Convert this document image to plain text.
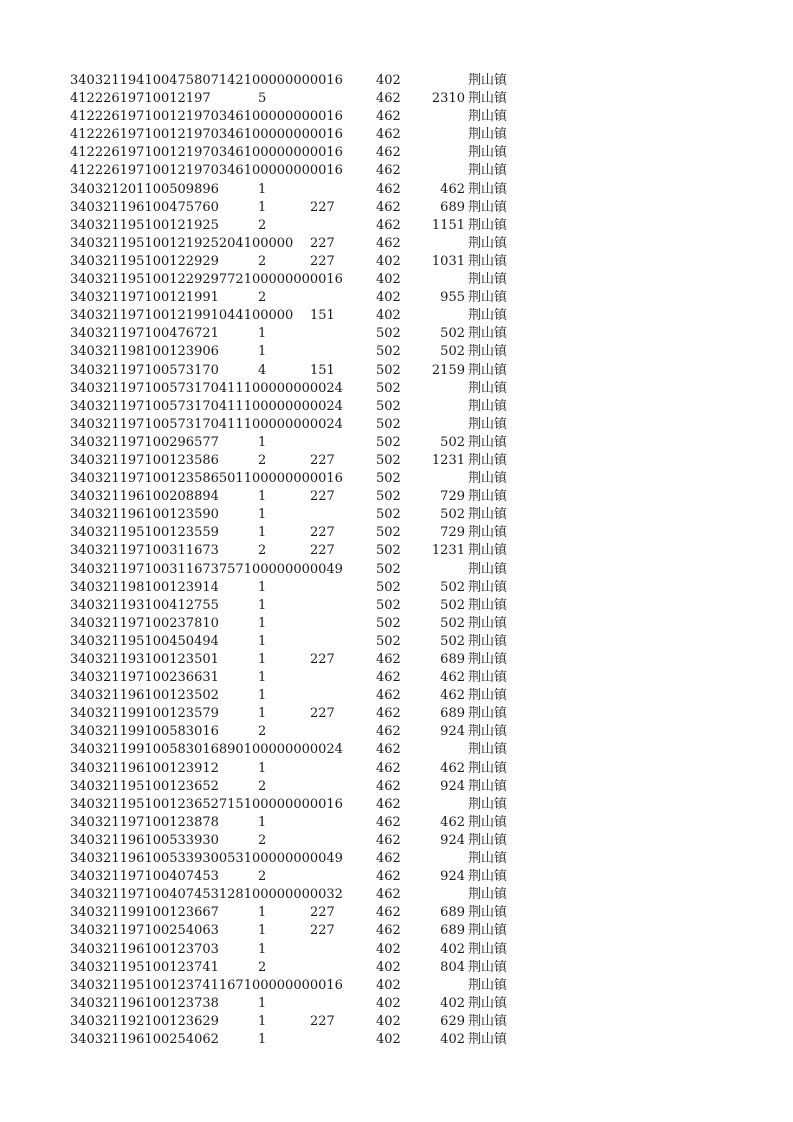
340321194100475807142100000000016	402	荆山镇
41222619710012197	5	462	2310 荆山镇
412226197100121970346100000000016	462	荆山镇
412226197100121970346100000000016	462	荆山镇
412226197100121970346100000000016	462	荆山镇
412226197100121970346100000000016	462	荆山镇
340321201100509896	1	462	462 荆山镇
340321196100475760	1	227	462	689 荆山镇
340321195100121925	2	462	1151 荆山镇
340321195100121925204100000 227	462	荆山镇
340321195100122929	2	227	402	1031 荆山镇
340321195100122929772100000000016	402	荆山镇
340321197100121991	2	402	955 荆山镇
340321197100121991044100000 151	402	荆山镇
340321197100476721	1	502	502 荆山镇
340321198100123906	1	502	502 荆山镇
340321197100573170	4	151	502	2159 荆山镇
340321197100573170411100000000024	502	荆山镇
340321197100573170411100000000024	502	荆山镇
340321197100573170411100000000024	502	荆山镇
340321197100296577	1	502	502 荆山镇
340321197100123586	2	227	502	1231 荆山镇
340321197100123586501100000000016	502	荆山镇
340321196100208894	1	227	502	729 荆山镇
340321196100123590	1	502	502 荆山镇
340321195100123559	1	227	502	729 荆山镇
340321197100311673	2	227	502	1231 荆山镇
340321197100311673757100000000049	502	荆山镇
340321198100123914	1	502	502 荆山镇
340321193100412755	1	502	502 荆山镇
340321197100237810	1	502	502 荆山镇
340321195100450494	1	502	502 荆山镇
340321193100123501	1	227	462	689 荆山镇
340321197100236631	1	462	462 荆山镇
340321196100123502	1	462	462 荆山镇
340321199100123579	1	227	462	689 荆山镇
340321199100583016	2	462	924 荆山镇
340321199100583016890100000000024	462	荆山镇
340321196100123912	1	462	462 荆山镇
340321195100123652	2	462	924 荆山镇
340321195100123652715100000000016	462	荆山镇
340321197100123878	1	462	462 荆山镇
340321196100533930	2	462	924 荆山镇
340321196100533930053100000000049	462	荆山镇
340321197100407453	2	462	924 荆山镇
340321197100407453128100000000032	462	荆山镇
340321199100123667	1	227	462	689 荆山镇
340321197100254063	1	227	462	689 荆山镇
340321196100123703	1	402	402 荆山镇
340321195100123741	2	402	804 荆山镇
340321195100123741167100000000016	402	荆山镇
340321196100123738	1	402	402 荆山镇
340321192100123629	1	227	402	629 荆山镇
340321196100254062	1	402	402 荆山镇
